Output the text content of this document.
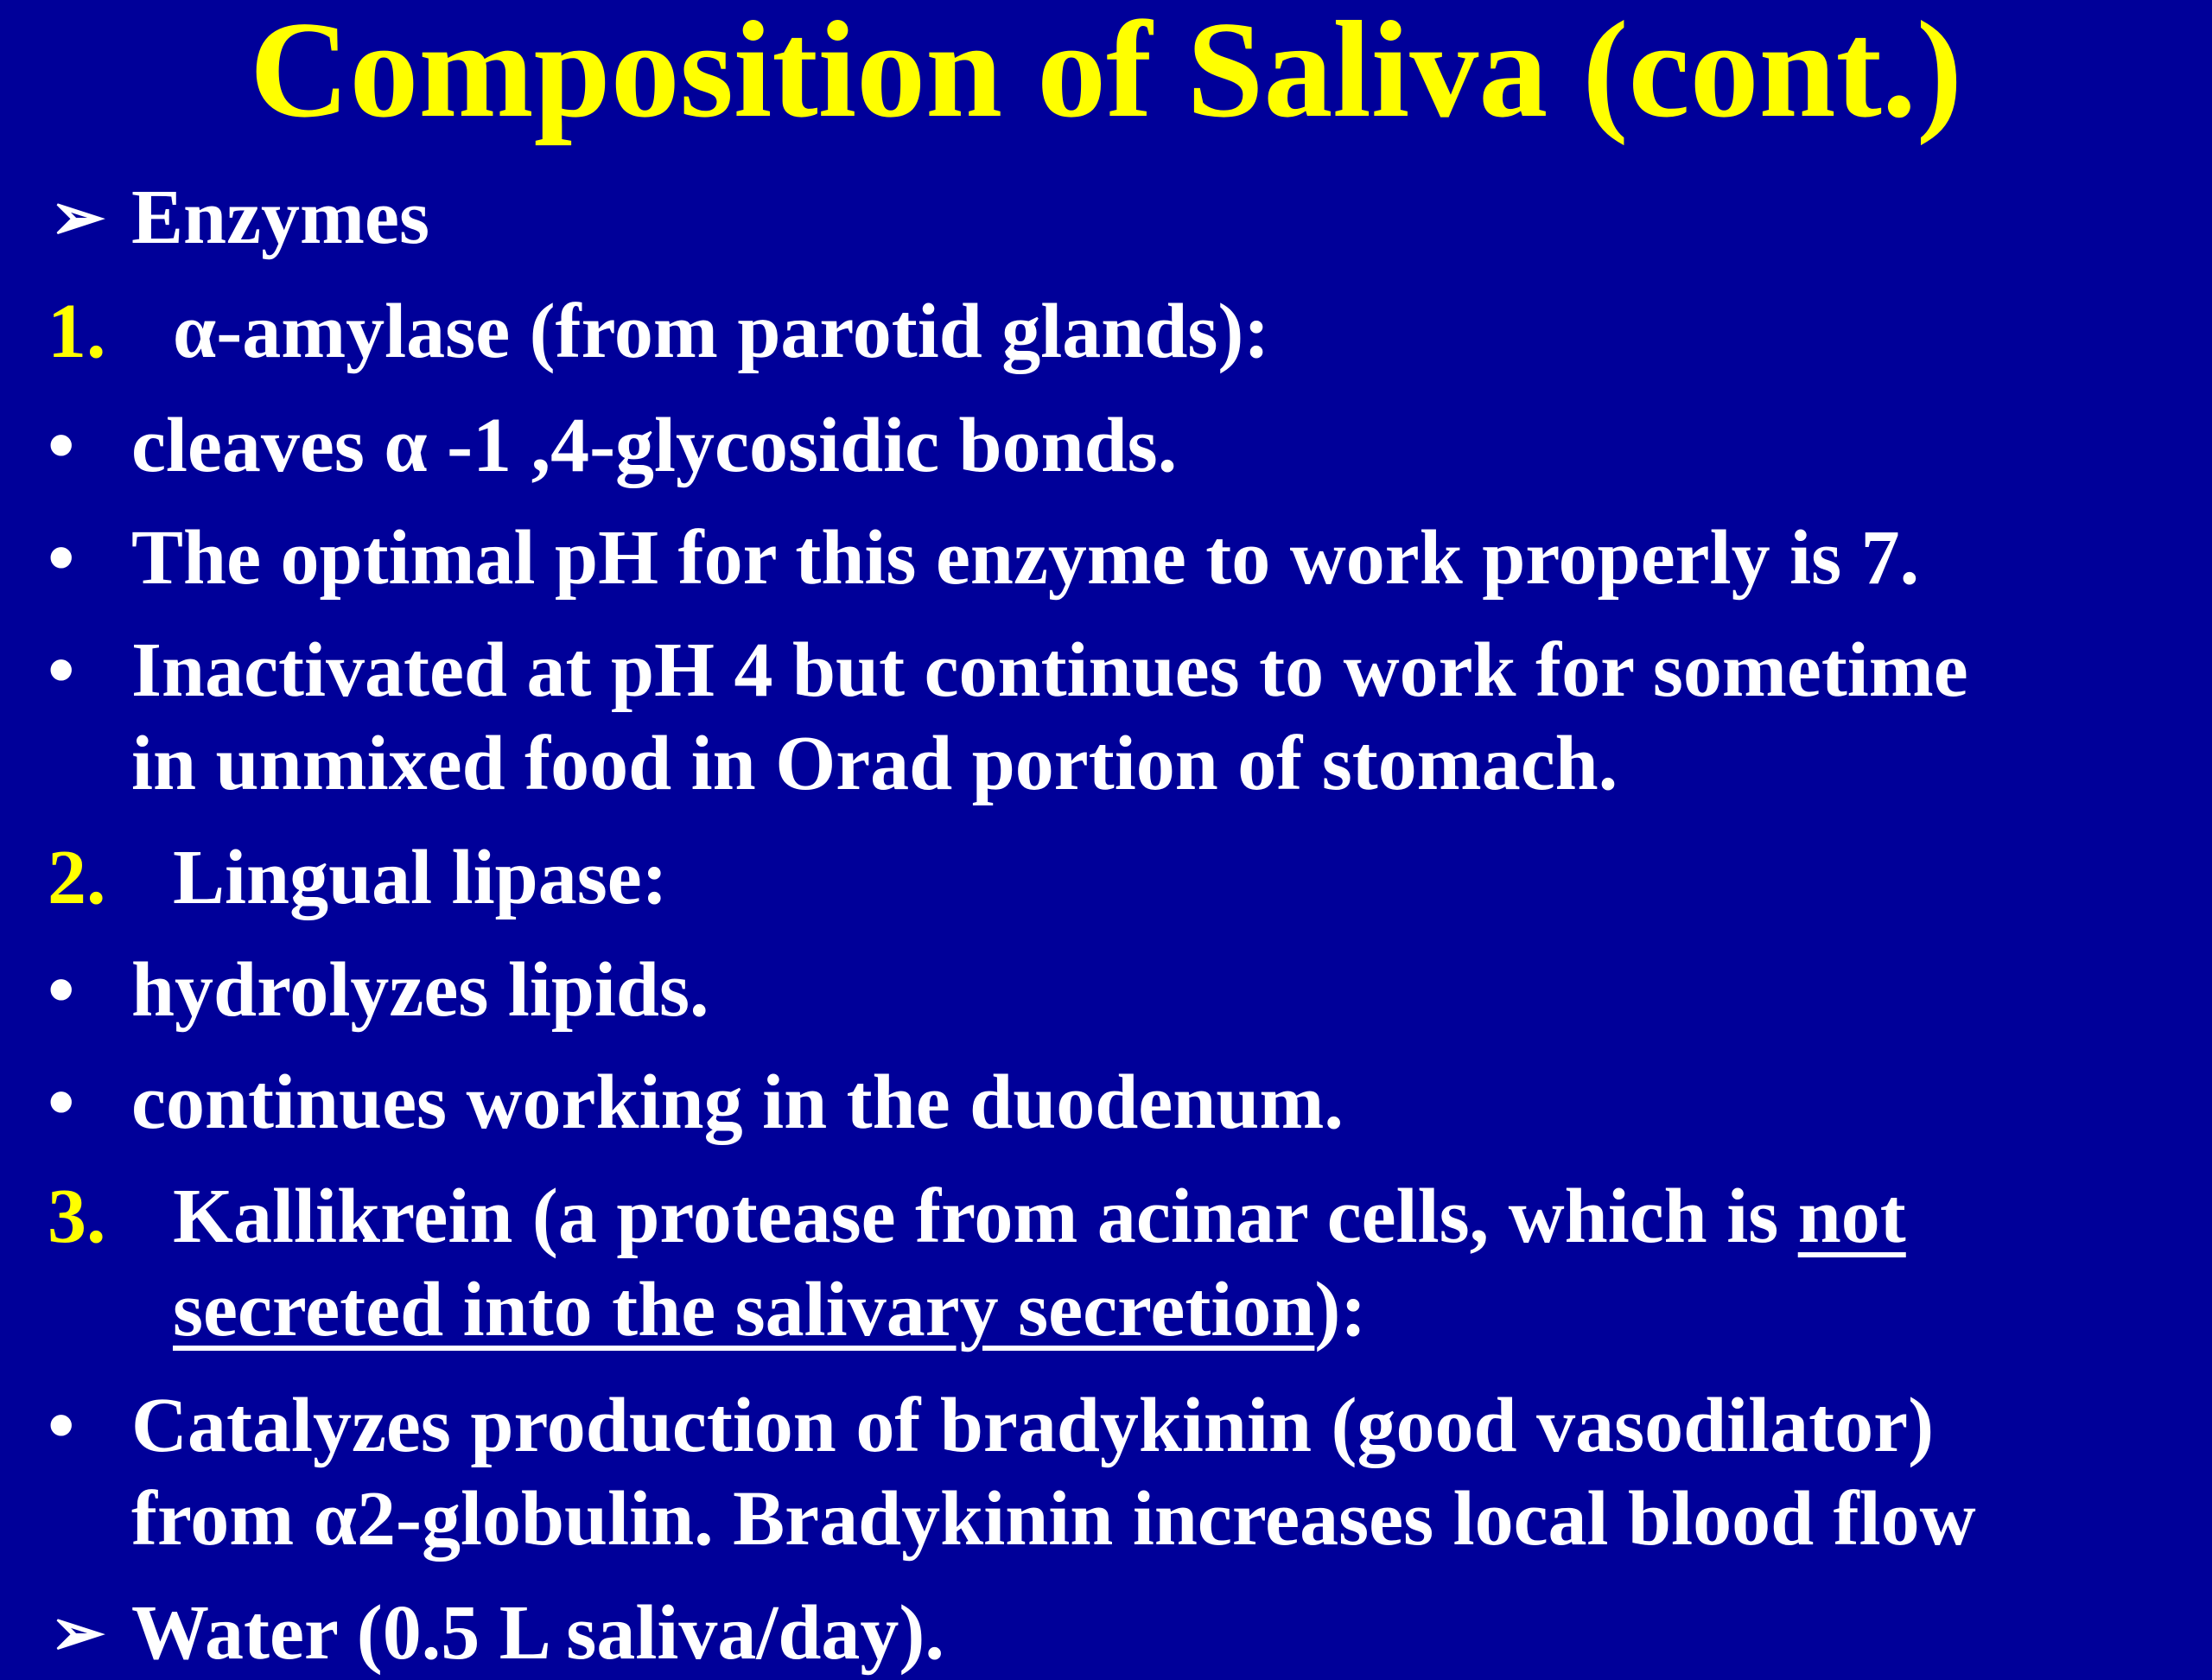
Composition of Saliva (cont.)
➢ Enzymes
1. α-amylase (from parotid glands):
• cleaves α -1 ,4-glycosidic bonds.
• The optimal pH for this enzyme to work properly is 7.
• Inactivated at pH 4 but continues to work for sometime
in unmixed food in Orad portion of stomach.
2. Lingual lipase:
• hydrolyzes lipids.
• continues working in the duodenum.
3. Kallikrein (a protease from acinar cells, which is not
secreted into the salivary secretion):
• Catalyzes production of bradykinin (good vasodilator)
from α2-globulin. Bradykinin increases local blood flow
➢ Water (0.5 L saliva/day).
